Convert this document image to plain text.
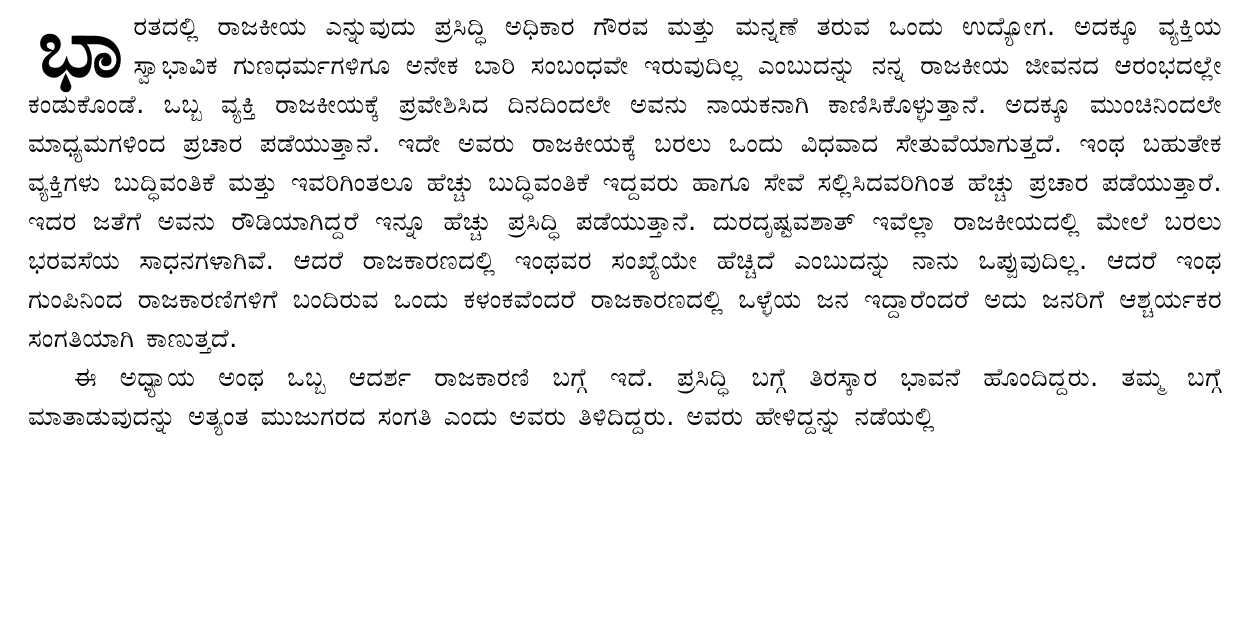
ಭಾರತದಲ್ಲಿ ರಾಜಕೀಯ ಎನ್ನುವುದು ಪ್ರಸಿದ್ಧಿ ಅಧಿಕಾರ ಗೌರವ ಮತ್ತು ಮನ್ನಣೆ ತರುವ ಒಂದು ಉದ್ಯೋಗ. ಅದಕ್ಕೂ ವ್ಯಕ್ತಿಯ ಸ್ವಾಭಾವಿಕ ಗುಣಧರ್ಮಗಳಿಗೂ ಅನೇಕ ಬಾರಿ ಸಂಬಂಧವೇ ಇರುವುದಿಲ್ಲ ಎಂಬುದನ್ನು ನನ್ನ ರಾಜಕೀಯ ಜೀವನದ ಆರಂಭದಲ್ಲೇ ಕಂಡುಕೊಂಡೆ. ಒಬ್ಬ ವ್ಯಕ್ತಿ ರಾಜಕೀಯಕ್ಕೆ ಪ್ರವೇಶಿಸಿದ ದಿನದಿಂದಲೇ ಅವನು ನಾಯಕನಾಗಿ ಕಾಣಿಸಿಕೊಳ್ಳುತ್ತಾನೆ. ಅದಕ್ಕೂ ಮುಂಚಿನಿಂದಲೇ ಮಾಧ್ಯಮಗಳಿಂದ ಪ್ರಚಾರ ಪಡೆಯುತ್ತಾನೆ. ಇದೇ ಅವರು ರಾಜಕೀಯಕ್ಕೆ ಬರಲು ಒಂದು ವಿಧವಾದ ಸೇತುವೆಯಾಗುತ್ತದೆ. ಇಂಥ ಬಹುತೇಕ ವ್ಯಕ್ತಿಗಳು ಬುದ್ಧಿವಂತಿಕೆ ಮತ್ತು ಇವರಿಗಿಂತಲೂ ಹೆಚ್ಚು ಬುದ್ಧಿವಂತಿಕೆ ಇದ್ದವರು ಹಾಗೂ ಸೇವೆ ಸಲ್ಲಿಸಿದವರಿಗಿಂತ ಹೆಚ್ಚು ಪ್ರಚಾರ ಪಡೆಯುತ್ತಾರೆ. ಇದರ ಜತೆಗೆ ಅವನು ರೌಡಿಯಾಗಿದ್ದರೆ ಇನ್ನೂ ಹೆಚ್ಚು ಪ್ರಸಿದ್ಧಿ ಪಡೆಯುತ್ತಾನೆ. ದುರದೃಷ್ಟವಶಾತ್ ಇವೆಲ್ಲಾ ರಾಜಕೀಯದಲ್ಲಿ ಮೇಲೆ ಬರಲು ಭರವಸೆಯ ಸಾಧನಗಳಾಗಿವೆ. ಆದರೆ ರಾಜಕಾರಣದಲ್ಲಿ ಇಂಥವರ ಸಂಖ್ಯೆಯೇ ಹೆಚ್ಚಿದೆ ಎಂಬುದನ್ನು ನಾನು ಒಪ್ಪುವುದಿಲ್ಲ. ಆದರೆ ಇಂಥ ಗುಂಪಿನಿಂದ ರಾಜಕಾರಣಿಗಳಿಗೆ ಬಂದಿರುವ ಒಂದು ಕಳಂಕವೆಂದರೆ ರಾಜಕಾರಣದಲ್ಲಿ ಒಳ್ಳೆಯ ಜನ ಇದ್ದಾರೆಂದರೆ ಅದು ಜನರಿಗೆ ಆಶ್ಚರ್ಯಕರ ಸಂಗತಿಯಾಗಿ ಕಾಣುತ್ತದೆ.

ಈ ಅಧ್ಯಾಯ ಅಂಥ ಒಬ್ಬ ಆದರ್ಶ ರಾಜಕಾರಣಿ ಬಗ್ಗೆ ಇದೆ. ಪ್ರಸಿದ್ಧಿ ಬಗ್ಗೆ ತಿರಸ್ಕಾರ ಭಾವನೆ ಹೊಂದಿದ್ದರು. ತಮ್ಮ ಬಗ್ಗೆ ಮಾತಾಡುವುದನ್ನು ಅತ್ಯಂತ ಮುಜುಗರದ ಸಂಗತಿ ಎಂದು ಅವರು ತಿಳಿದಿದ್ದರು. ಅವರು ಹೇಳಿದ್ದನ್ನು ನಡೆಯಲ್ಲಿ
